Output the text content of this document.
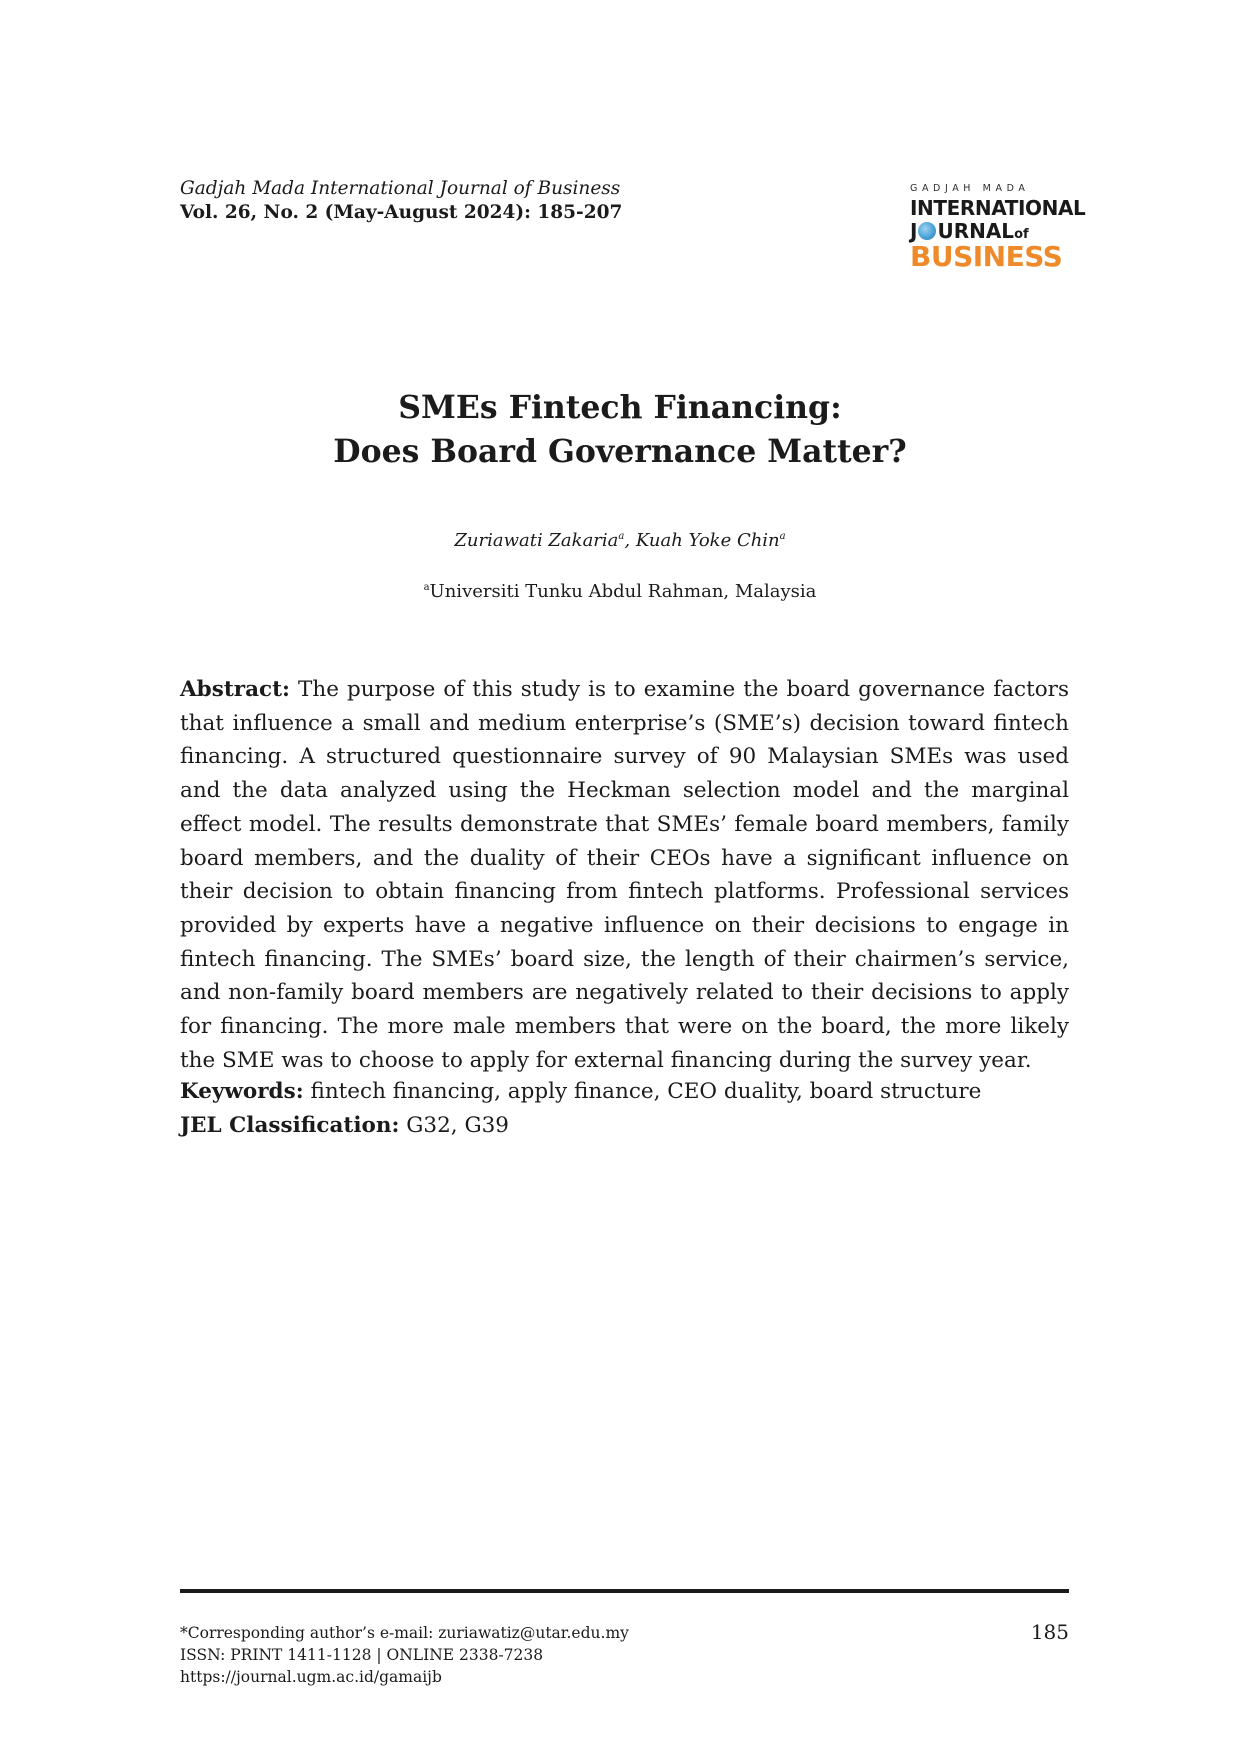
Gadjah Mada International Journal of Business
Vol. 26, No. 2 (May-August 2024): 185-207
GADJAH MADA
INTERNATIONAL
J URNALof
BUSINESS
SMEs Fintech Financing:
Does Board Governance Matter?
Zuriawati Zakaria$^a$, Kuah Yoke Chin$^a$
$^a$Universiti Tunku Abdul Rahman, Malaysia
Abstract: The purpose of this study is to examine the board governance factors that influence a small and medium enterprise’s (SME’s) decision toward fintech financing. A structured questionnaire survey of 90 Malaysian SMEs was used and the data analyzed using the Heckman selection model and the marginal effect model. The results demonstrate that SMEs’ female board members, family board members, and the duality of their CEOs have a significant influence on their decision to obtain financing from fintech platforms. Professional services provided by experts have a negative influence on their decisions to engage in fintech financing. The SMEs’ board size, the length of their chairmen’s service, and non-family board members are negatively related to their decisions to apply for financing. The more male members that were on the board, the more likely the SME was to choose to apply for external financing during the survey year.
Keywords: fintech financing, apply finance, CEO duality, board structure
JEL Classification: G32, G39
*Corresponding author’s e-mail: zuriawatiz@utar.edu.my
ISSN: PRINT 1411-1128 | ONLINE 2338-7238
https://journal.ugm.ac.id/gamaijb
185
